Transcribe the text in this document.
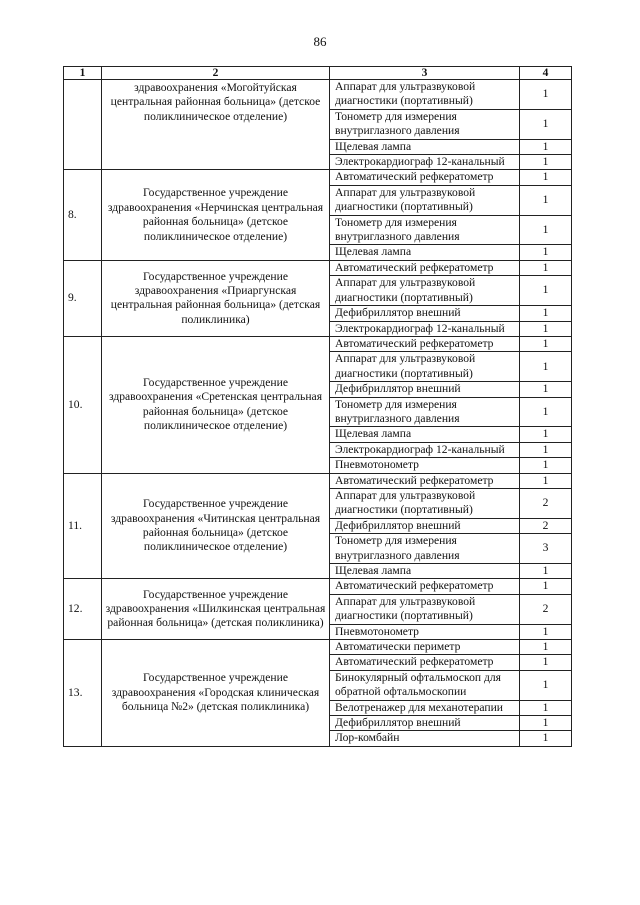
86
1	2	3	4
	здравоохранения «Могойтуйская центральная районная больница» (детское поликлиническое отделение)	Аппарат для ультразвуковой диагностики (портативный)	1
		Тонометр для измерения внутриглазного давления	1
		Щелевая лампа	1
		Электрокардиограф 12-канальный	1
8.	Государственное учреждение здравоохранения «Нерчинская центральная районная больница» (детское поликлиническое отделение)	Автоматический рефкератометр	1
		Аппарат для ультразвуковой диагностики (портативный)	1
		Тонометр для измерения внутриглазного давления	1
		Щелевая лампа	1
9.	Государственное учреждение здравоохранения «Приаргунская центральная районная больница» (детская поликлиника)	Автоматический рефкератометр	1
		Аппарат для ультразвуковой диагностики (портативный)	1
		Дефибриллятор внешний	1
		Электрокардиограф 12-канальный	1
10.	Государственное учреждение здравоохранения «Сретенская центральная районная больница» (детское поликлиническое отделение)	Автоматический рефкератометр	1
		Аппарат для ультразвуковой диагностики (портативный)	1
		Дефибриллятор внешний	1
		Тонометр для измерения внутриглазного давления	1
		Щелевая лампа	1
		Электрокардиограф 12-канальный	1
		Пневмотонометр	1
11.	Государственное учреждение здравоохранения «Читинская центральная районная больница» (детское поликлиническое отделение)	Автоматический рефкератометр	1
		Аппарат для ультразвуковой диагностики (портативный)	2
		Дефибриллятор внешний	2
		Тонометр для измерения внутриглазного давления	3
		Щелевая лампа	1
12.	Государственное учреждение здравоохранения «Шилкинская центральная районная больница» (детская поликлиника)	Автоматический рефкератометр	1
		Аппарат для ультразвуковой диагностики (портативный)	2
		Пневмотонометр	1
13.	Государственное учреждение здравоохранения «Городская клиническая больница №2» (детская поликлиника)	Автоматически периметр	1
		Автоматический рефкератометр	1
		Бинокулярный офтальмоскоп для обратной офтальмоскопии	1
		Велотренажер для механотерапии	1
		Дефибриллятор внешний	1
		Лор-комбайн	1
